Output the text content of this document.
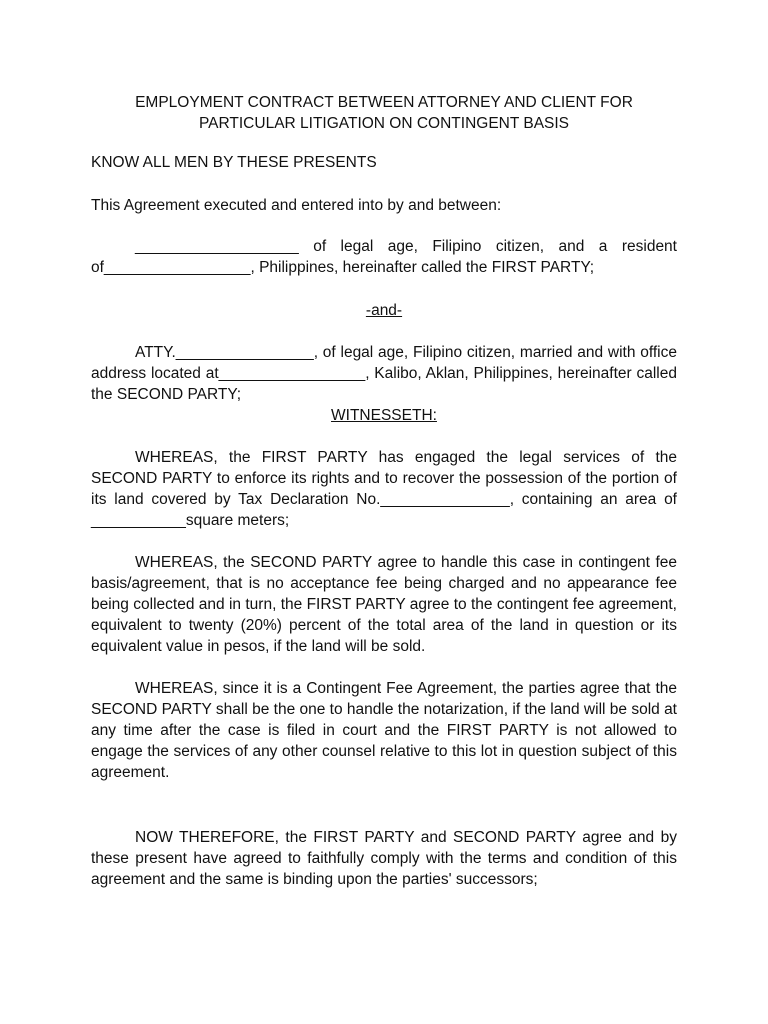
EMPLOYMENT CONTRACT BETWEEN ATTORNEY AND CLIENT FOR
PARTICULAR LITIGATION ON CONTINGENT BASIS

KNOW ALL MEN BY THESE PRESENTS

This Agreement executed and entered into by and between:

___________________ of legal age, Filipino citizen, and a resident of_________________, Philippines, hereinafter called the FIRST PARTY;

-and-

ATTY.________________, of legal age, Filipino citizen, married and with office address located at_________________, Kalibo, Aklan, Philippines, hereinafter called the SECOND PARTY;

WITNESSETH:

WHEREAS, the FIRST PARTY has engaged the legal services of the SECOND PARTY to enforce its rights and to recover the possession of the portion of its land covered by Tax Declaration No._______________, containing an area of ___________square meters;

WHEREAS, the SECOND PARTY agree to handle this case in contingent fee basis/agreement, that is no acceptance fee being charged and no appearance fee being collected and in turn, the FIRST PARTY agree to the contingent fee agreement, equivalent to twenty (20%) percent of the total area of the land in question or its equivalent value in pesos, if the land will be sold.

WHEREAS, since it is a Contingent Fee Agreement, the parties agree that the SECOND PARTY shall be the one to handle the notarization, if the land will be sold at any time after the case is filed in court and the FIRST PARTY is not allowed to engage the services of any other counsel relative to this lot in question subject of this agreement.

NOW THEREFORE, the FIRST PARTY and SECOND PARTY agree and by these present have agreed to faithfully comply with the terms and condition of this agreement and the same is binding upon the parties' successors;
